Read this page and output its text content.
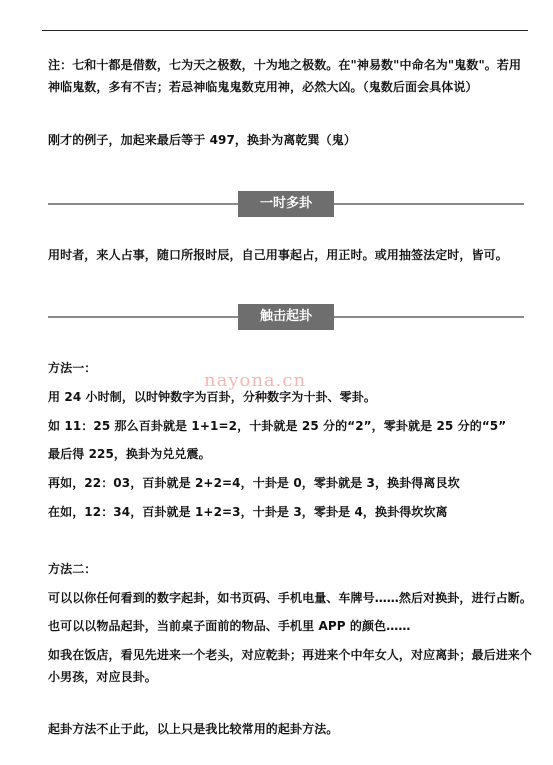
注：七和十都是借数，七为天之极数，十为地之极数。在"神易数"中命名为"鬼数"。若用神临鬼数，多有不吉；若忌神临鬼鬼数克用神，必然大凶。（鬼数后面会具体说）

刚才的例子，加起来最后等于 497，换卦为离乾巽（鬼）

一时多卦

用时者，来人占事，随口所报时辰，自己用事起占，用正时。或用抽签法定时，皆可。

触击起卦

方法一：

nayona.cn

用 24 小时制，以时钟数字为百卦，分种数字为十卦、零卦。

如 11：25 那么百卦就是 1+1=2，十卦就是 25 分的“2”，零卦就是 25 分的“5”

最后得 225，换卦为兑兑震。

再如，22：03，百卦就是 2+2=4，十卦是 0，零卦就是 3，换卦得离艮坎

在如，12：34，百卦就是 1+2=3，十卦是 3，零卦是 4，换卦得坎坎离

方法二：

可以以你任何看到的数字起卦，如书页码、手机电量、车牌号……然后对换卦，进行占断。

也可以以物品起卦，当前桌子面前的物品、手机里 APP 的颜色……

如我在饭店，看见先进来一个老头，对应乾卦；再进来个中年女人，对应离卦；最后进来个小男孩，对应艮卦。

起卦方法不止于此，以上只是我比较常用的起卦方法。
